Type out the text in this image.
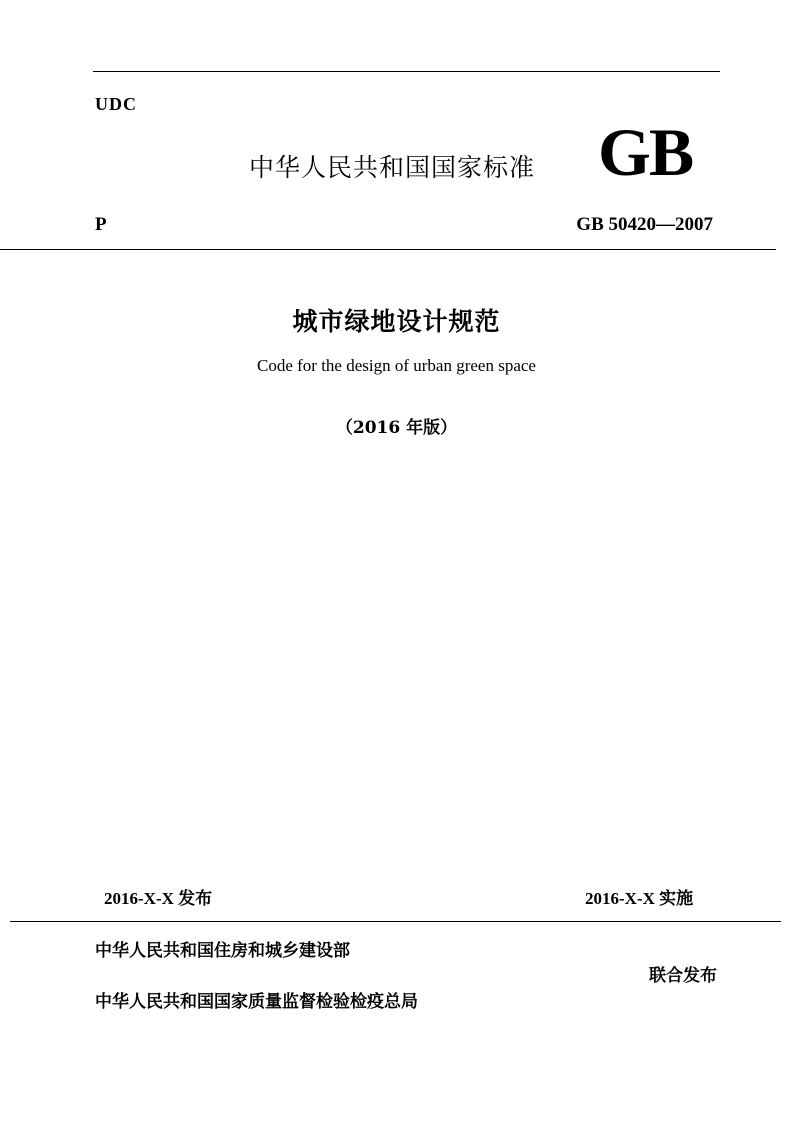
UDC
中华人民共和国国家标准 GB
P	GB 50420—2007
城市绿地设计规范
Code for the design of urban green space
（2016 年版）
2016-X-X 发布	2016-X-X 实施
中华人民共和国住房和城乡建设部
中华人民共和国国家质量监督检验检疫总局
联合发布
